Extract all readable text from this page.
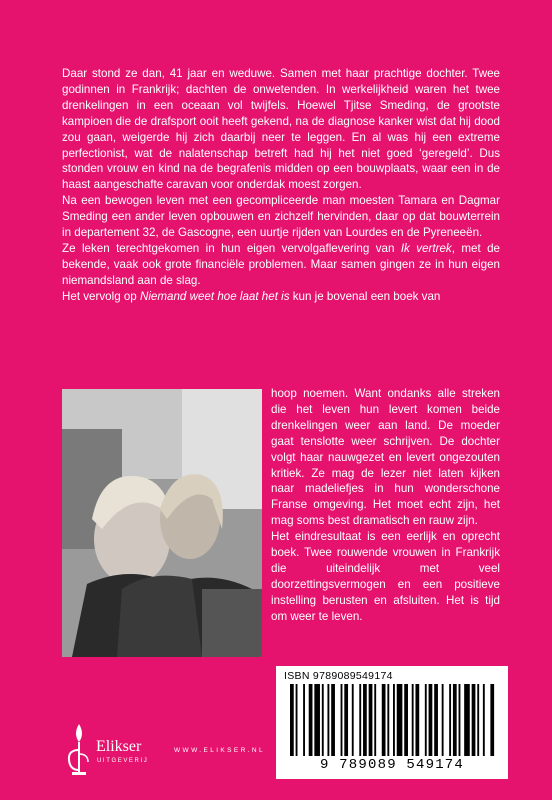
Daar stond ze dan, 41 jaar en weduwe. Samen met haar prachtige dochter. Twee godinnen in Frankrijk; dachten de onwetenden. In werkelijkheid waren het twee drenkelingen in een oceaan vol twijfels. Hoewel Tjitse Smeding, de grootste kampioen die de drafsport ooit heeft gekend, na de diagnose kanker wist dat hij dood zou gaan, weigerde hij zich daarbij neer te leggen. En al was hij een extreme perfectionist, wat de nalatenschap betreft had hij het niet goed ‘geregeld’. Dus stonden vrouw en kind na de begrafenis midden op een bouwplaats, waar een in de haast aangeschafte caravan voor onderdak moest zorgen.

Na een bewogen leven met een gecompliceerde man moesten Tamara en Dagmar Smeding een ander leven opbouwen en zichzelf hervinden, daar op dat bouwterrein in departement 32, de Gascogne, een uurtje rijden van Lourdes en de Pyreneeën.

Ze leken terechtgekomen in hun eigen vervolgaflevering van Ik vertrek, met de bekende, vaak ook grote financiële problemen. Maar samen gingen ze in hun eigen niemandsland aan de slag.

Het vervolg op Niemand weet hoe laat het is kun je bovenal een boek van

hoop noemen. Want ondanks alle streken die het leven hun levert komen beide drenkelingen weer aan land. De moeder gaat tenslotte weer schrijven. De dochter volgt haar nauwgezet en levert ongezouten kritiek. Ze mag de lezer niet laten kijken naar madeliefjes in hun wonderschone Franse omgeving. Het moet echt zijn, het mag soms best dramatisch en rauw zijn.

Het eindresultaat is een eerlijk en oprecht boek. Twee rouwende vrouwen in Frankrijk die uiteindelijk met veel doorzettingsvermogen en een positieve instelling berusten en afsluiten. Het is tijd om weer te leven.

Elikser
UITGEVERIJ
WWW.ELIKSER.NL
ISBN 9789089549174
9 789089 549174
